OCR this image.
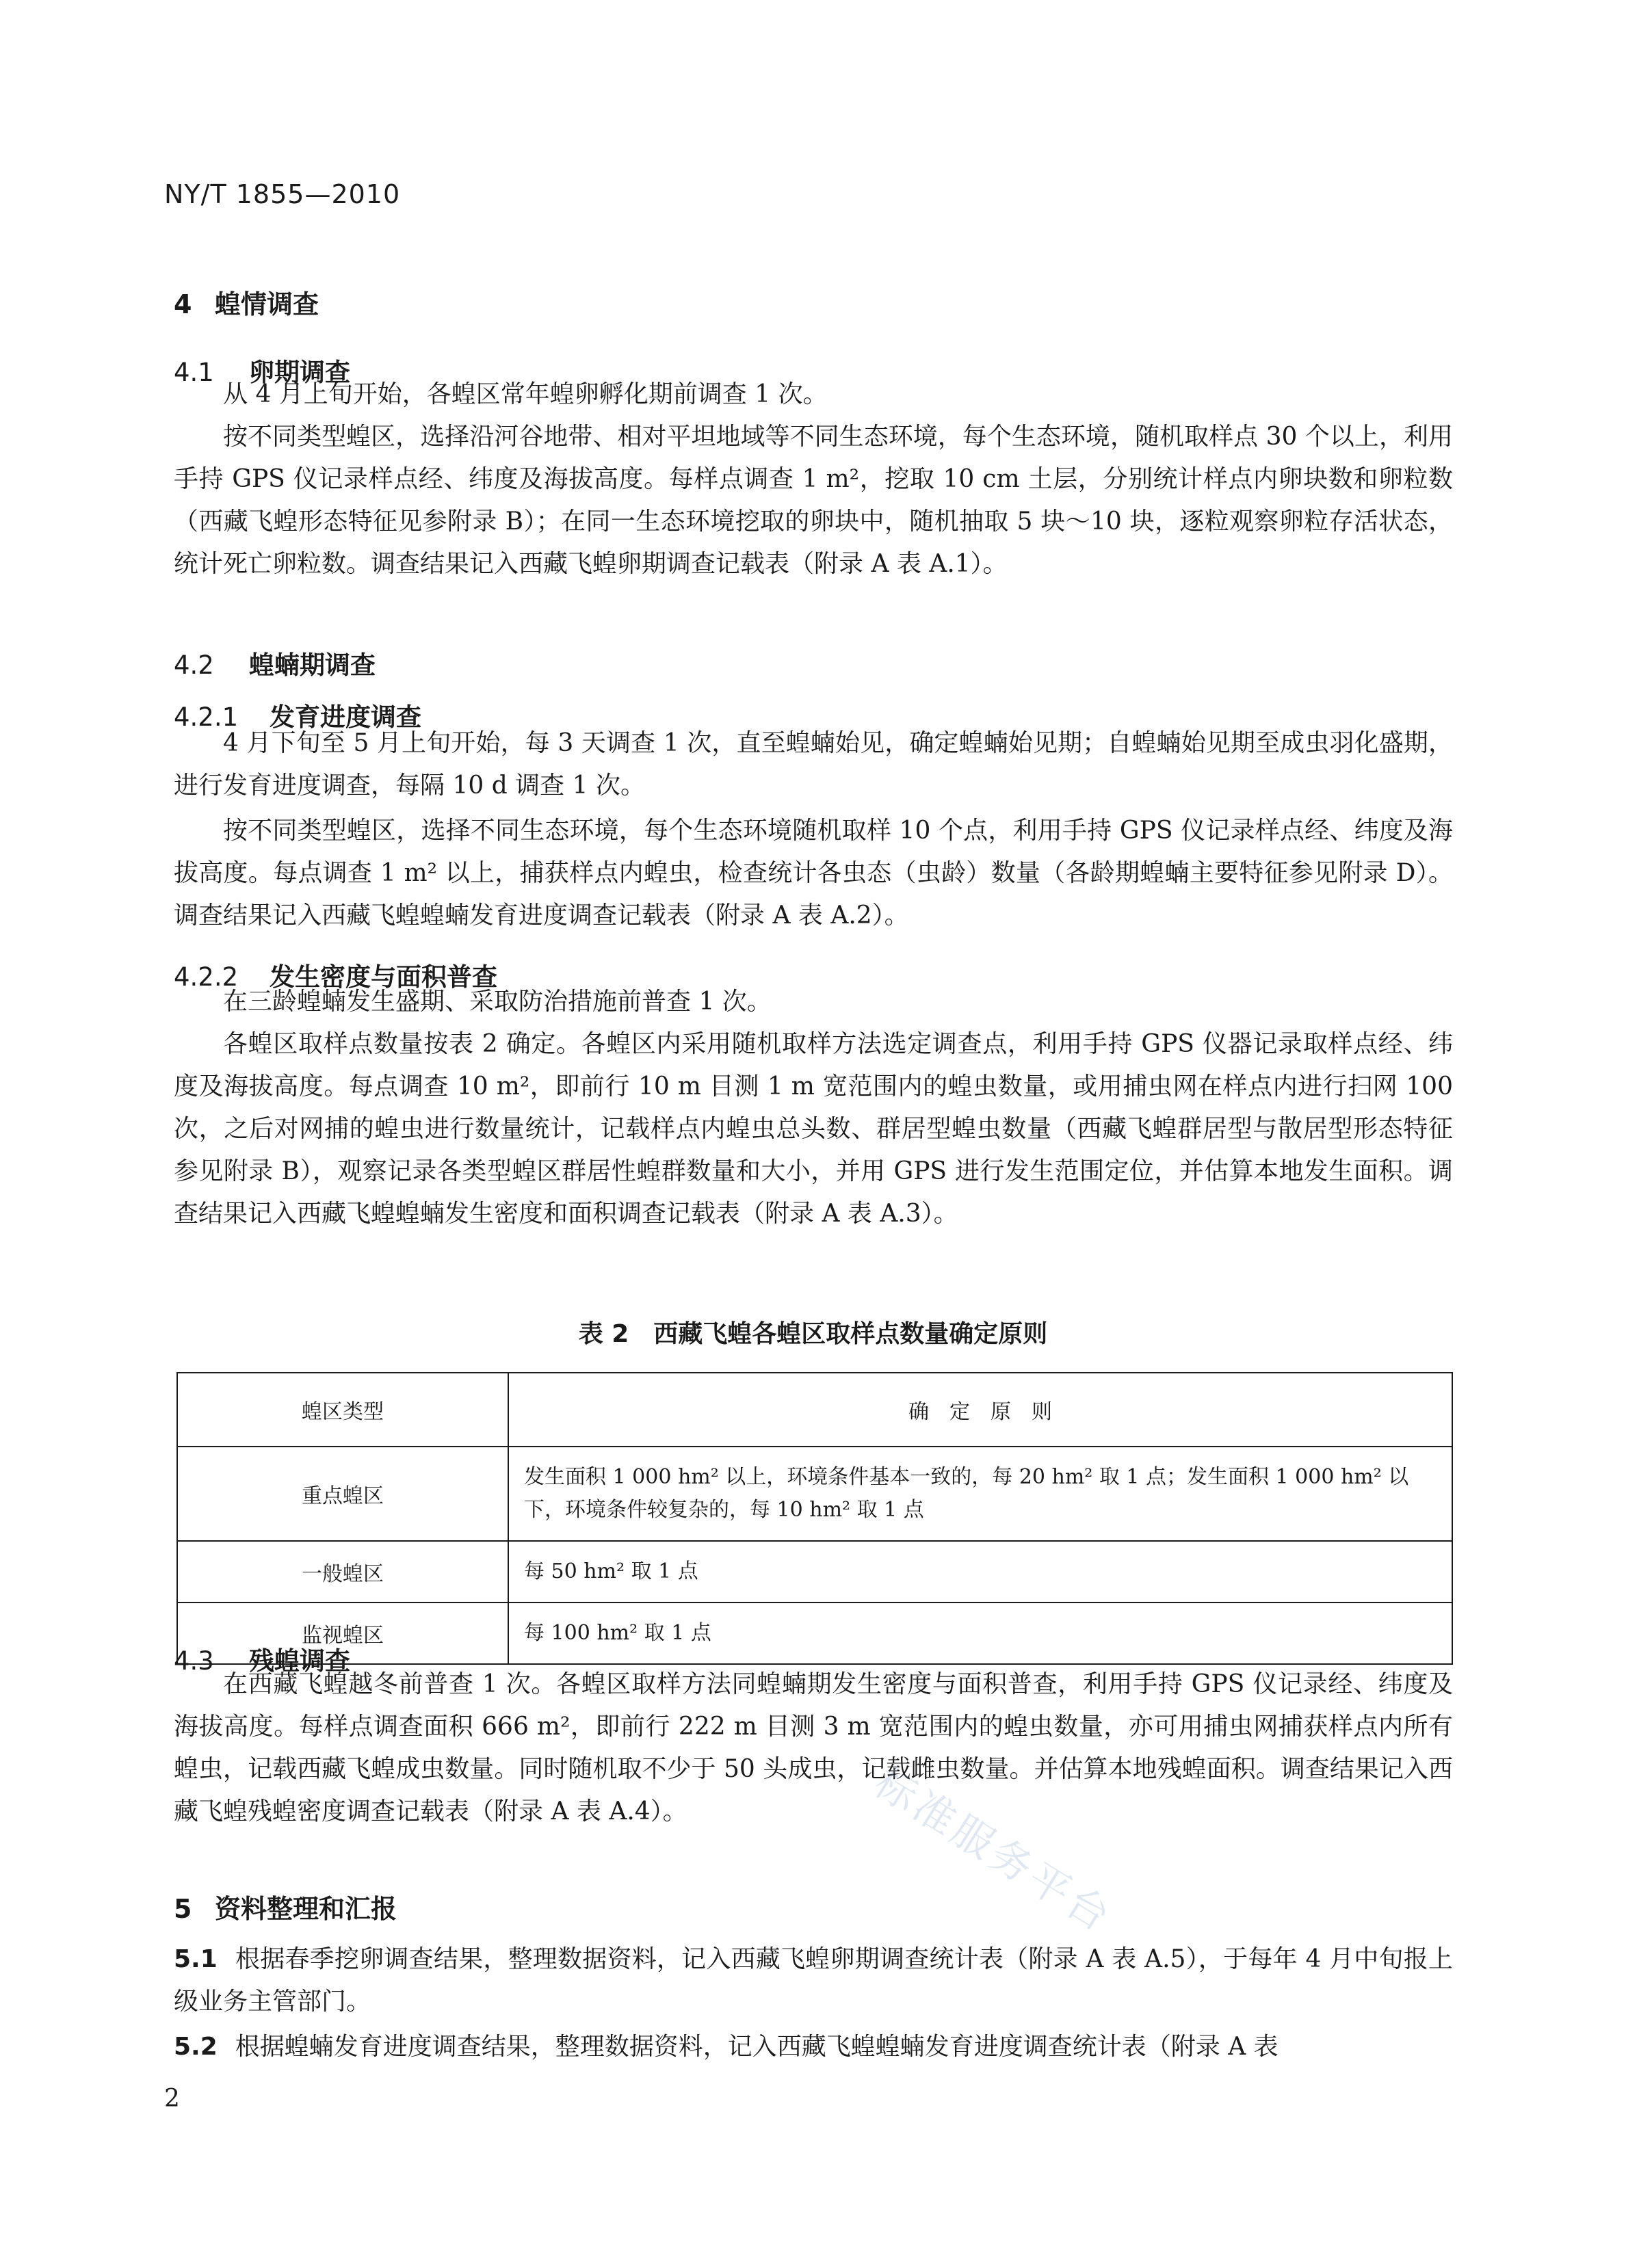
NY/T 1855—2010
4 蝗情调查
4.1 卵期调查

从 4 月上旬开始，各蝗区常年蝗卵孵化期前调查 1 次。

按不同类型蝗区，选择沿河谷地带、相对平坦地域等不同生态环境，每个生态环境，随机取样点 30 个以上，利用手持 GPS 仪记录样点经、纬度及海拔高度。每样点调查 1 m²，挖取 10 cm 土层，分别统计样点内卵块数和卵粒数（西藏飞蝗形态特征见参附录 B）；在同一生态环境挖取的卵块中，随机抽取 5 块～10 块，逐粒观察卵粒存活状态，统计死亡卵粒数。调查结果记入西藏飞蝗卵期调查记载表（附录 A 表 A.1）。

4.2 蝗蝻期调查
4.2.1 发育进度调查

4 月下旬至 5 月上旬开始，每 3 天调查 1 次，直至蝗蝻始见，确定蝗蝻始见期；自蝗蝻始见期至成虫羽化盛期，进行发育进度调查，每隔 10 d 调查 1 次。

按不同类型蝗区，选择不同生态环境，每个生态环境随机取样 10 个点，利用手持 GPS 仪记录样点经、纬度及海拔高度。每点调查 1 m² 以上，捕获样点内蝗虫，检查统计各虫态（虫龄）数量（各龄期蝗蝻主要特征参见附录 D）。调查结果记入西藏飞蝗蝗蝻发育进度调查记载表（附录 A 表 A.2）。

4.2.2 发生密度与面积普查

在三龄蝗蝻发生盛期、采取防治措施前普查 1 次。

各蝗区取样点数量按表 2 确定。各蝗区内采用随机取样方法选定调查点，利用手持 GPS 仪器记录取样点经、纬度及海拔高度。每点调查 10 m²，即前行 10 m 目测 1 m 宽范围内的蝗虫数量，或用捕虫网在样点内进行扫网 100 次，之后对网捕的蝗虫进行数量统计，记载样点内蝗虫总头数、群居型蝗虫数量（西藏飞蝗群居型与散居型形态特征参见附录 B），观察记录各类型蝗区群居性蝗群数量和大小，并用 GPS 进行发生范围定位，并估算本地发生面积。调查结果记入西藏飞蝗蝗蝻发生密度和面积调查记载表（附录 A 表 A.3）。

表 2　西藏飞蝗各蝗区取样点数量确定原则
蝗区类型	确　定　原　则
重点蝗区	发生面积 1 000 hm² 以上，环境条件基本一致的，每 20 hm² 取 1 点；发生面积 1 000 hm² 以下，环境条件较复杂的，每 10 hm² 取 1 点
一般蝗区	每 50 hm² 取 1 点
监视蝗区	每 100 hm² 取 1 点
4.3 残蝗调查

在西藏飞蝗越冬前普查 1 次。各蝗区取样方法同蝗蝻期发生密度与面积普查，利用手持 GPS 仪记录经、纬度及海拔高度。每样点调查面积 666 m²，即前行 222 m 目测 3 m 宽范围内的蝗虫数量，亦可用捕虫网捕获样点内所有蝗虫，记载西藏飞蝗成虫数量。同时随机取不少于 50 头成虫，记载雌虫数量。并估算本地残蝗面积。调查结果记入西藏飞蝗残蝗密度调查记载表（附录 A 表 A.4）。

5 资料整理和汇报

5.1 根据春季挖卵调查结果，整理数据资料，记入西藏飞蝗卵期调查统计表（附录 A 表 A.5），于每年 4 月中旬报上级业务主管部门。

5.2 根据蝗蝻发育进度调查结果，整理数据资料，记入西藏飞蝗蝗蝻发育进度调查统计表（附录 A 表

2
标准服务平台
